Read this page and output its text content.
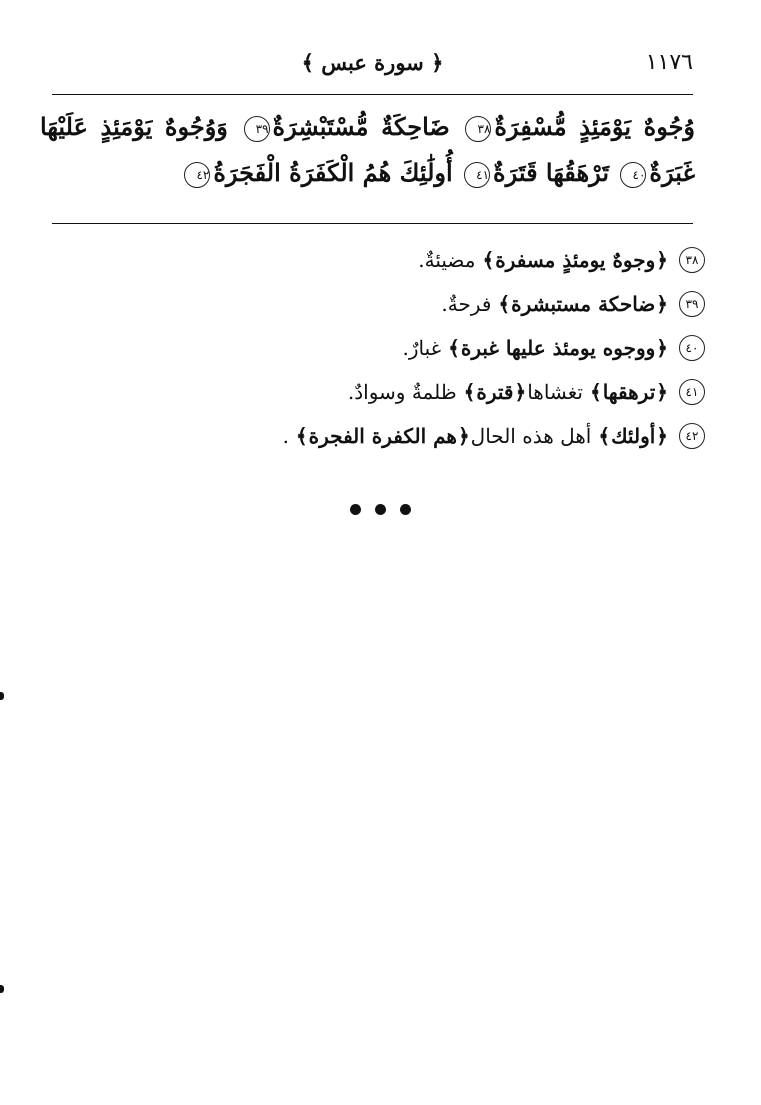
١١٧٦
﴿ سورة عبس ﴾
وُجُوهٌ يَوْمَئِذٍ مُّسْفِرَةٌ٣٨ ضَاحِكَةٌ مُّسْتَبْشِرَةٌ٣٩ وَوُجُوهٌ يَوْمَئِذٍ عَلَيْهَا غَبَرَةٌ٤٠ تَرْهَقُهَا قَتَرَةٌ٤١ أُولَٰئِكَ هُمُ الْكَفَرَةُ الْفَجَرَةُ٤٢
٣٨
﴿
وجوهٌ يومئذٍ مسفرة
﴾
مضيئةٌ.
٣٩
﴿
ضاحكة مستبشرة
﴾
فرحةٌ.
٤٠
﴿
ووجوه يومئذ عليها غبرة
﴾
غبارٌ.
٤١
﴿
ترهقها
﴾
تغشاها
﴿
قترة
﴾
ظلمةٌ وسوادٌ.
٤٢
﴿
أولئك
﴾
أهل هذه الحال
﴿
هم الكفرة الفجرة
﴾
.
